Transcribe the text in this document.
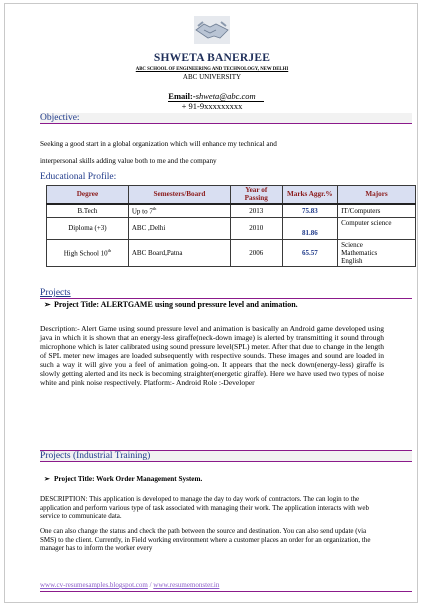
SHWETA BANERJEE
ABC SCHOOL OF ENGINEERING AND TECHNOLOGY, NEW DELHI
ABC UNIVERSITY
Email:-shweta@abc.com
+ 91-9xxxxxxxxx
Objective:
Seeking a good start in a global organization which will enhance my technical and
interpersonal skills adding value both to me and the company
Educational Profile:
Degree	Semesters/Board	Year of Passing	Marks Aggr.%	Majors
B.Tech	Up to 7th	2013	75.83	IT/Computers
Diploma (+3)	ABC ,Delhi	2010	81.86	Computer science
High School 10th	ABC Board,Patna	2006	65.57	Science
Mathematics
English
Projects
➢ Project Title: ALERTGAME using sound pressure level and animation.
Description:- Alert Game using sound pressure level and animation is basically an Android game developed using java in which it is shown that an energy-less giraffe(neck-down image) is alerted by transmitting it sound through microphone which is later calibrated using sound pressure level(SPL) meter. After that due to change in the length of SPL meter new images are loaded subsequently with respective sounds. These images and sound are loaded in such a way it will give you a feel of animation going-on. It appears that the neck down(energy-less) giraffe is slowly getting alerted and its neck is becoming straighter(energetic giraffe). Here we have used two types of noise white and pink noise respectively. Platform:- Android Role :-Developer
Projects (Industrial Training)
➢ Project Title: Work Order Management System.
DESCRIPTION: This application is developed to manage the day to day work of contractors. The can login to the application and perform various type of task associated with managing their work. The application interacts with web service to communicate data.
One can also change the status and check the path between the source and destination. You can also send update (via SMS) to the client. Currently, in Field working environment where a customer places an order for an organization, the manager has to inform the worker every
www.cv-resumesamples.blogspot.com / www.resumemonster.in
